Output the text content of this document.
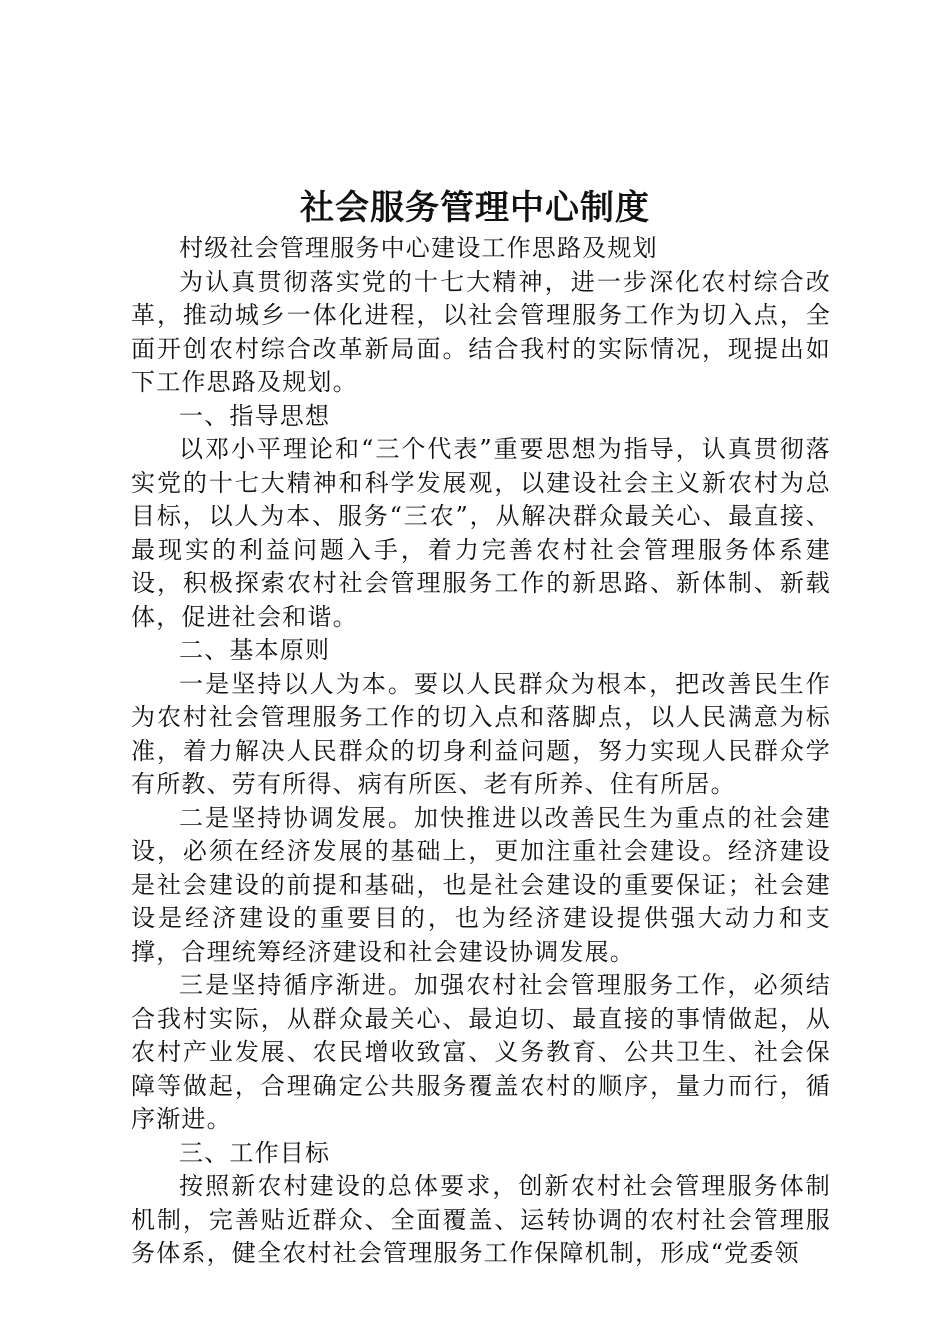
社会服务管理中心制度

村级社会管理服务中心建设工作思路及规划

为认真贯彻落实党的十七大精神，进一步深化农村综合改革，推动城乡一体化进程，以社会管理服务工作为切入点，全面开创农村综合改革新局面。结合我村的实际情况，现提出如下工作思路及规划。

一、指导思想

以邓小平理论和“三个代表”重要思想为指导，认真贯彻落实党的十七大精神和科学发展观，以建设社会主义新农村为总目标，以人为本、服务“三农”，从解决群众最关心、最直接、最现实的利益问题入手，着力完善农村社会管理服务体系建设，积极探索农村社会管理服务工作的新思路、新体制、新载体，促进社会和谐。

二、基本原则

一是坚持以人为本。要以人民群众为根本，把改善民生作为农村社会管理服务工作的切入点和落脚点，以人民满意为标准，着力解决人民群众的切身利益问题，努力实现人民群众学有所教、劳有所得、病有所医、老有所养、住有所居。

二是坚持协调发展。加快推进以改善民生为重点的社会建设，必须在经济发展的基础上，更加注重社会建设。经济建设是社会建设的前提和基础，也是社会建设的重要保证；社会建设是经济建设的重要目的，也为经济建设提供强大动力和支撑，合理统筹经济建设和社会建设协调发展。

三是坚持循序渐进。加强农村社会管理服务工作，必须结合我村实际，从群众最关心、最迫切、最直接的事情做起，从农村产业发展、农民增收致富、义务教育、公共卫生、社会保障等做起，合理确定公共服务覆盖农村的顺序，量力而行，循序渐进。

三、工作目标

按照新农村建设的总体要求，创新农村社会管理服务体制机制，完善贴近群众、全面覆盖、运转协调的农村社会管理服务体系，健全农村社会管理服务工作保障机制，形成“党委领
